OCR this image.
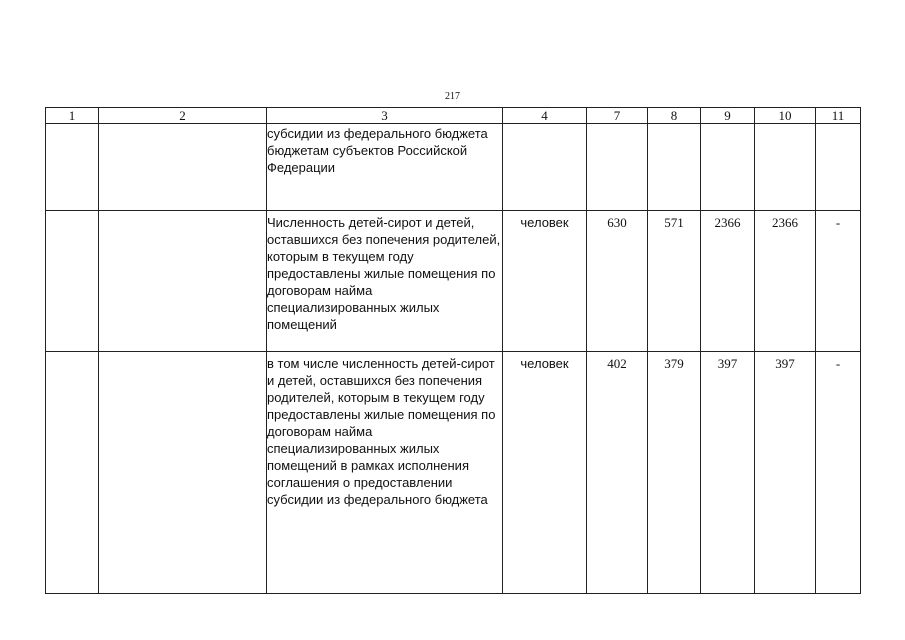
217
1	2	3	4	7	8	9	10	11
		субсидии из федерального бюджета бюджетам субъектов Российской Федерации						
		Численность детей-сирот и детей, оставшихся без попечения родителей, которым в текущем году предоставлены жилые помещения по договорам найма специализированных жилых помещений	человек	630	571	2366	2366	-
		в том числе численность детей-сирот и детей, оставшихся без попечения родителей, которым в текущем году предоставлены жилые помещения по договорам найма специализированных жилых помещений в рамках исполнения соглашения о предоставлении субсидии из федерального бюджета	человек	402	379	397	397	-
